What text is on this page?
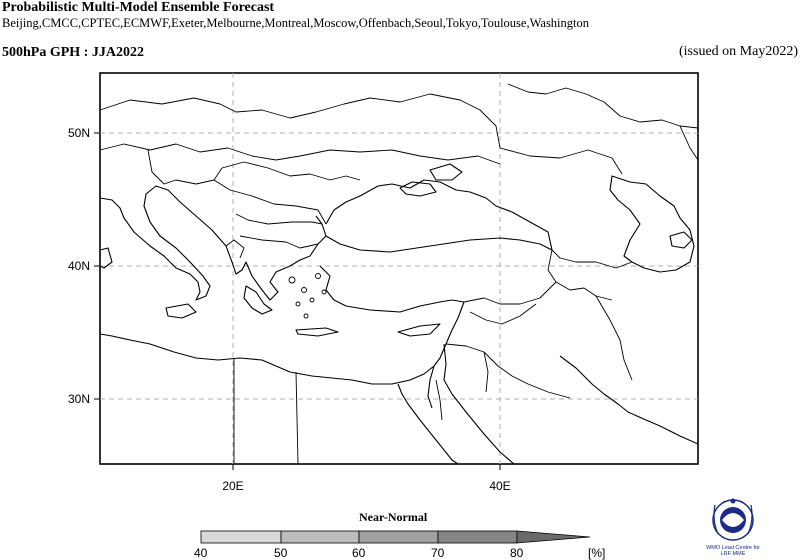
Probabilistic Multi-Model Ensemble Forecast
Beijing,CMCC,CPTEC,ECMWF,Exeter,Melbourne,Montreal,Moscow,Offenbach,Seoul,Tokyo,Toulouse,Washington
500hPa GPH : JJA2022	(issued on May2022)
50N
40N
30N
20E	40E
Near-Normal
40	50	60	70	80	[%]	WMO Lead Centre for
LRF MME
